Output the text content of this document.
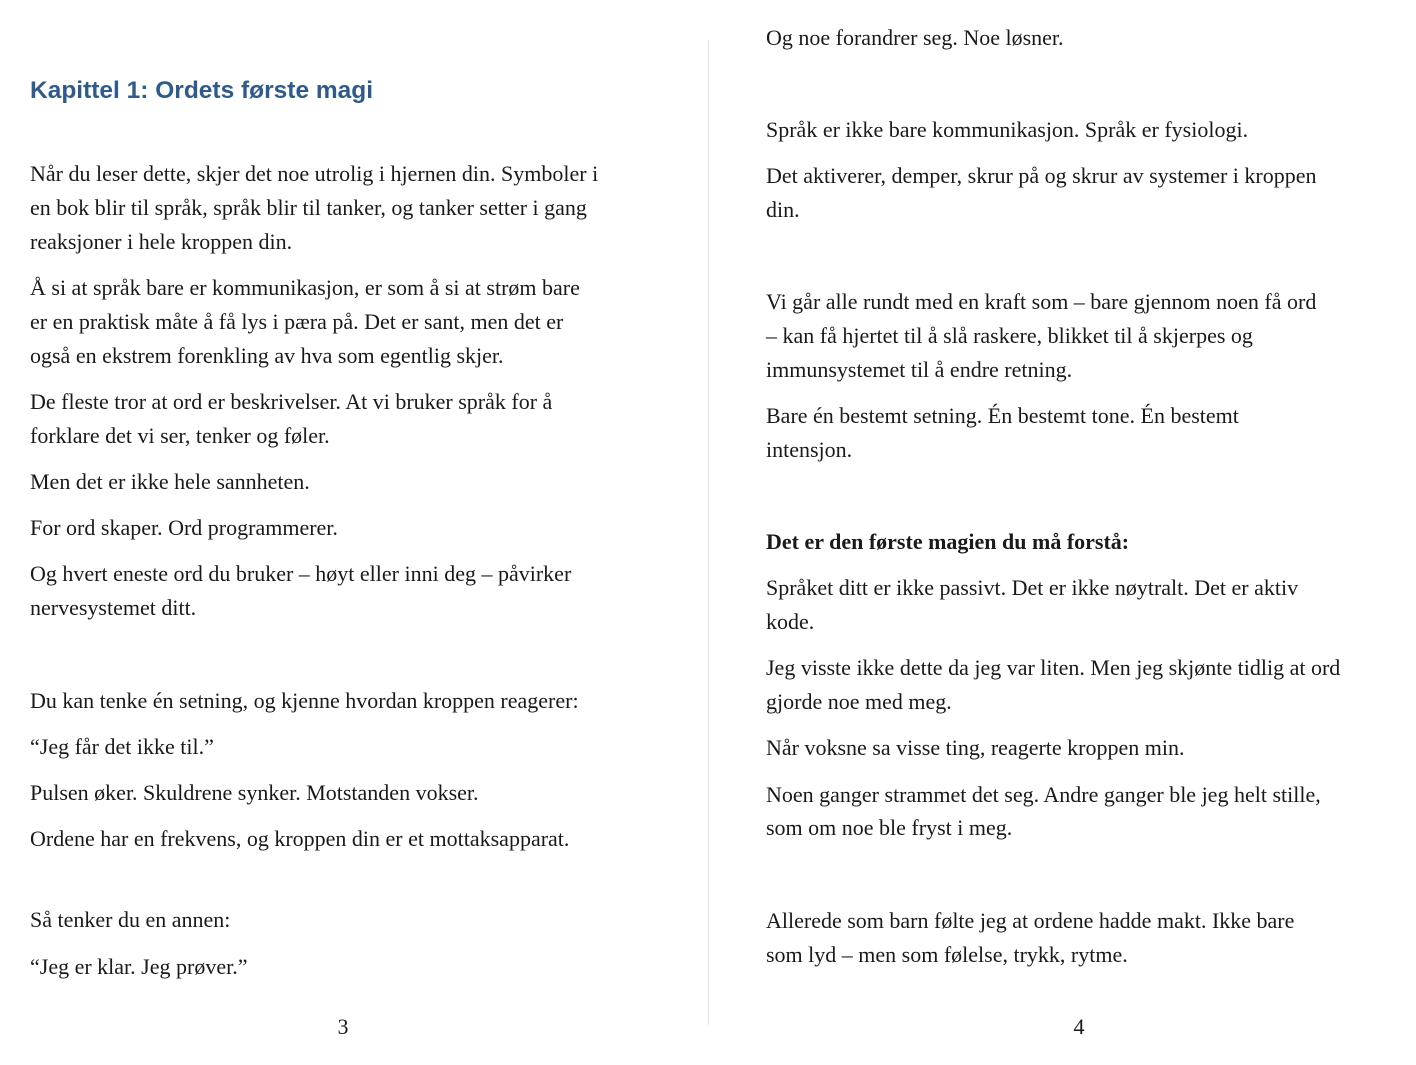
Kapittel 1: Ordets første magi
Når du leser dette, skjer det noe utrolig i hjernen din. Symboler i
en bok blir til språk, språk blir til tanker, og tanker setter i gang
reaksjoner i hele kroppen din.
Å si at språk bare er kommunikasjon, er som å si at strøm bare
er en praktisk måte å få lys i pæra på. Det er sant, men det er
også en ekstrem forenkling av hva som egentlig skjer.
De fleste tror at ord er beskrivelser. At vi bruker språk for å
forklare det vi ser, tenker og føler.
Men det er ikke hele sannheten.
For ord skaper. Ord programmerer.
Og hvert eneste ord du bruker – høyt eller inni deg – påvirker
nervesystemet ditt.
Du kan tenke én setning, og kjenne hvordan kroppen reagerer:
“Jeg får det ikke til.”
Pulsen øker. Skuldrene synker. Motstanden vokser.
Ordene har en frekvens, og kroppen din er et mottaksapparat.
Så tenker du en annen:
“Jeg er klar. Jeg prøver.”
3
Og noe forandrer seg. Noe løsner.
Språk er ikke bare kommunikasjon. Språk er fysiologi.
Det aktiverer, demper, skrur på og skrur av systemer i kroppen
din.
Vi går alle rundt med en kraft som – bare gjennom noen få ord
– kan få hjertet til å slå raskere, blikket til å skjerpes og
immunsystemet til å endre retning.
Bare én bestemt setning. Én bestemt tone. Én bestemt
intensjon.
Det er den første magien du må forstå:
Språket ditt er ikke passivt. Det er ikke nøytralt. Det er aktiv
kode.
Jeg visste ikke dette da jeg var liten. Men jeg skjønte tidlig at ord
gjorde noe med meg.
Når voksne sa visse ting, reagerte kroppen min.
Noen ganger strammet det seg. Andre ganger ble jeg helt stille,
som om noe ble fryst i meg.
Allerede som barn følte jeg at ordene hadde makt. Ikke bare
som lyd – men som følelse, trykk, rytme.
4
